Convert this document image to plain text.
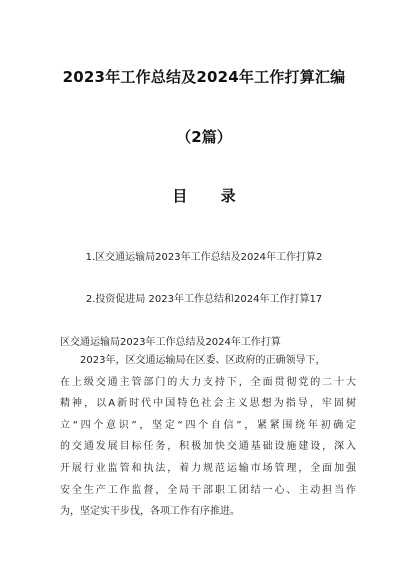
2023年工作总结及2024年工作打算汇编
（2篇）
目 录
1.区交通运输局2023年工作总结及2024年工作打算2
2.投资促进局 2023年工作总结和2024年工作打算17
区交通运输局2023年工作总结及2024年工作打算
2023年，区交通运输局在区委、区政府的正确领导下，
在上级交通主管部门的大力支持下，全面贯彻党的二十大
精神，以A新时代中国特色社会主义思想为指导，牢固树
立“四个意识”，坚定“四个自信”，紧紧围绕年初确定
的交通发展目标任务，积极加快交通基础设施建设，深入
开展行业监管和执法，着力规范运输市场管理，全面加强
安全生产工作监督，全局干部职工团结一心、主动担当作
为，坚定实干步伐，各项工作有序推进。
